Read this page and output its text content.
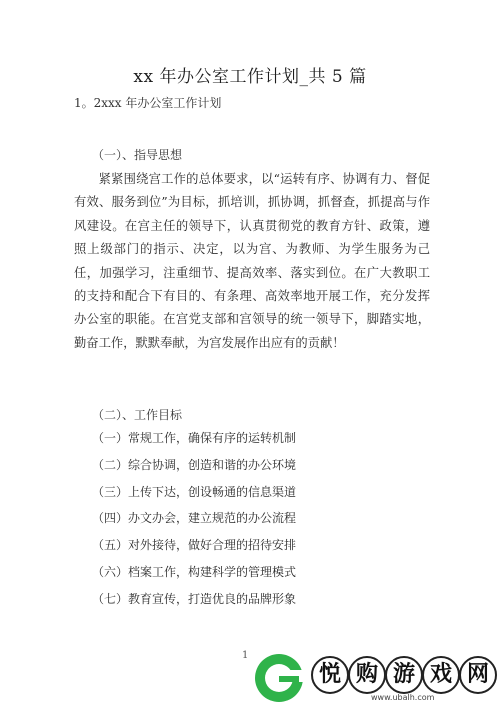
xx 年办公室工作计划_共 5 篇
1。2xxx 年办公室工作计划
（一）、指导思想
紧紧围绕宫工作的总体要求，以“运转有序、协调有力、督促有效、服务到位”为目标，抓培训，抓协调，抓督查，抓提高与作风建设。在宫主任的领导下，认真贯彻党的教育方针、政策，遵照上级部门的指示、决定，以为宫、为教师、为学生服务为己任，加强学习，注重细节、提高效率、落实到位。在广大教职工的支持和配合下有目的、有条理、高效率地开展工作，充分发挥办公室的职能。在宫党支部和宫领导的统一领导下，脚踏实地，勤奋工作，默默奉献，为宫发展作出应有的贡献！
（二）、工作目标
（一）常规工作，确保有序的运转机制
（二）综合协调，创造和谐的办公环境
（三）上传下达，创设畅通的信息渠道
（四）办文办会，建立规范的办公流程
（五）对外接待，做好合理的招待安排
（六）档案工作，构建科学的管理模式
（七）教育宣传，打造优良的品牌形象
1
悦 购 游 戏 网
www.ubalh.com
